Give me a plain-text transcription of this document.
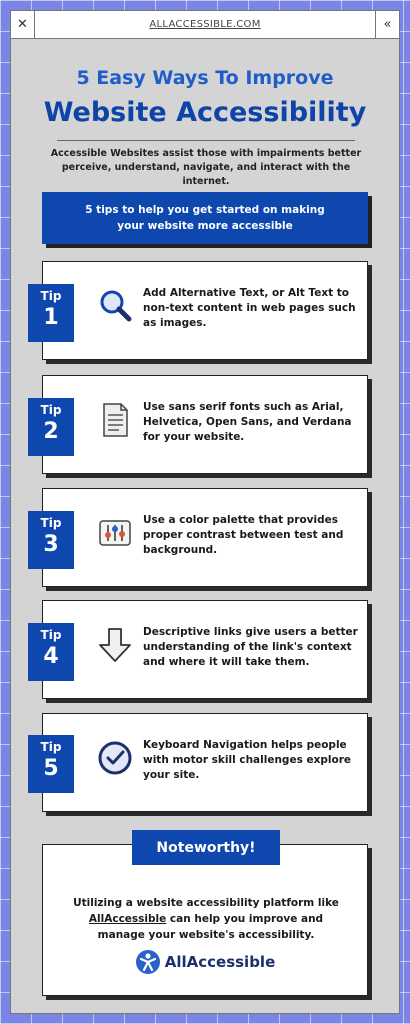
✕	ALLACCESSIBLE.COM	«
5 Easy Ways To Improve
Website Accessibility
Accessible Websites assist those with impairments better perceive, understand, navigate, and interact with the internet.
5 tips to help you get started on making your website more accessible
Add Alternative Text, or Alt Text to non-text content in web pages such as images.
Tip
1
Use sans serif fonts such as Arial, Helvetica, Open Sans, and Verdana for your website.
Tip
2
Use a color palette that provides proper contrast between test and background.
Tip
3
Descriptive links give users a better understanding of the link's context and where it will take them.
Tip
4
Keyboard Navigation helps people with motor skill challenges explore your site.
Tip
5
Utilizing a website accessibility platform like AllAccessible can help you improve and manage your website's accessibility.
AllAccessible
Noteworthy!
